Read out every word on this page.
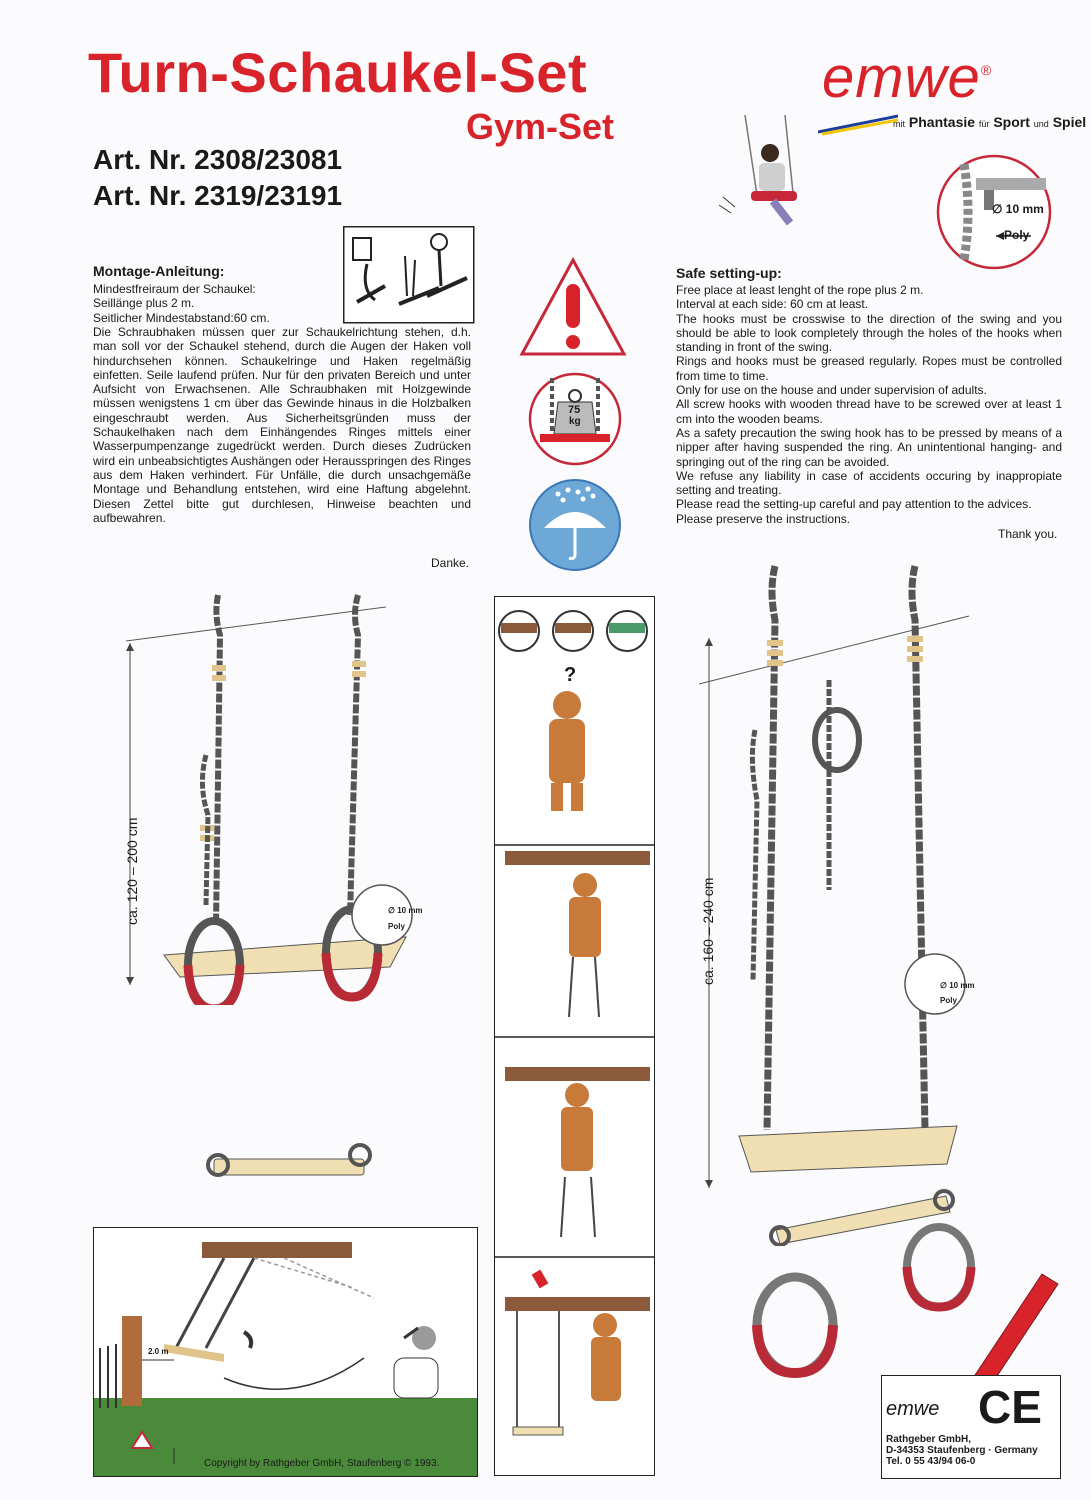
Turn-Schaukel-Set
Gym-Set
Art. Nr. 2308/23081
Art. Nr. 2319/23191
emwe®
mit Phantasie für Sport und Spiel
∅ 10 mm
Poly
Montage-Anleitung:

Mindestfreiraum der Schaukel:

Seillänge plus 2 m.

Seitlicher Mindestabstand:60 cm.

Die Schraubhaken müssen quer zur Schaukelrichtung stehen, d.h. man soll vor der Schaukel stehend, durch die Augen der Haken voll hindurchsehen können. Schaukelringe und Haken regelmäßig einfetten. Seile laufend prüfen. Nur für den privaten Bereich und unter Aufsicht von Erwachsenen. Alle Schraubhaken mit Holzgewinde müssen wenigstens 1 cm über das Gewinde hinaus in die Holzbalken eingeschraubt werden. Aus Sicherheitsgründen muss der Schaukelhaken nach dem Einhängendes Ringes mittels einer Wasserpumpenzange zugedrückt werden. Durch dieses Zudrücken wird ein unbeabsichtigtes Aushängen oder Herausspringen des Ringes aus dem Haken verhindert. Für Unfälle, die durch unsachgemäße Montage und Behandlung entstehen, wird eine Haftung abgelehnt. Diesen Zettel bitte gut durchlesen, Hinweise beachten und aufbewahren.
Danke.
75
kg
Safe setting-up:

Free place at least lenght of the rope plus 2 m.

Interval at each side: 60 cm at least.

The hooks must be crosswise to the direction of the swing and you should be able to look completely through the holes of the hooks when standing in front of the swing.

Rings and hooks must be greased regularly. Ropes must be controlled from time to time.

Only for use on the house and under supervision of adults.

All screw hooks with wooden thread have to be screwed over at least 1 cm into the wooden beams.

As a safety precaution the swing hook has to be pressed by means of a nipper after having suspended the ring. An unintentional hanging- and springing out of the ring can be avoided.

We refuse any liability in case of accidents occuring by inappropiate setting and treating.

Please read the setting-up careful and pay attention to the advices.

Please preserve the instructions.

Thank you.
ca. 120 – 200 cm	∅ 10 mm
Poly
2.0 m
Copyright by Rathgeber GmbH, Staufenberg © 1993.
?
ca. 160 – 240 cm
∅ 10 mm
Poly
emwe CE
Rathgeber GmbH,
D-34353 Staufenberg · Germany
Tel. 0 55 43/94 06-0
